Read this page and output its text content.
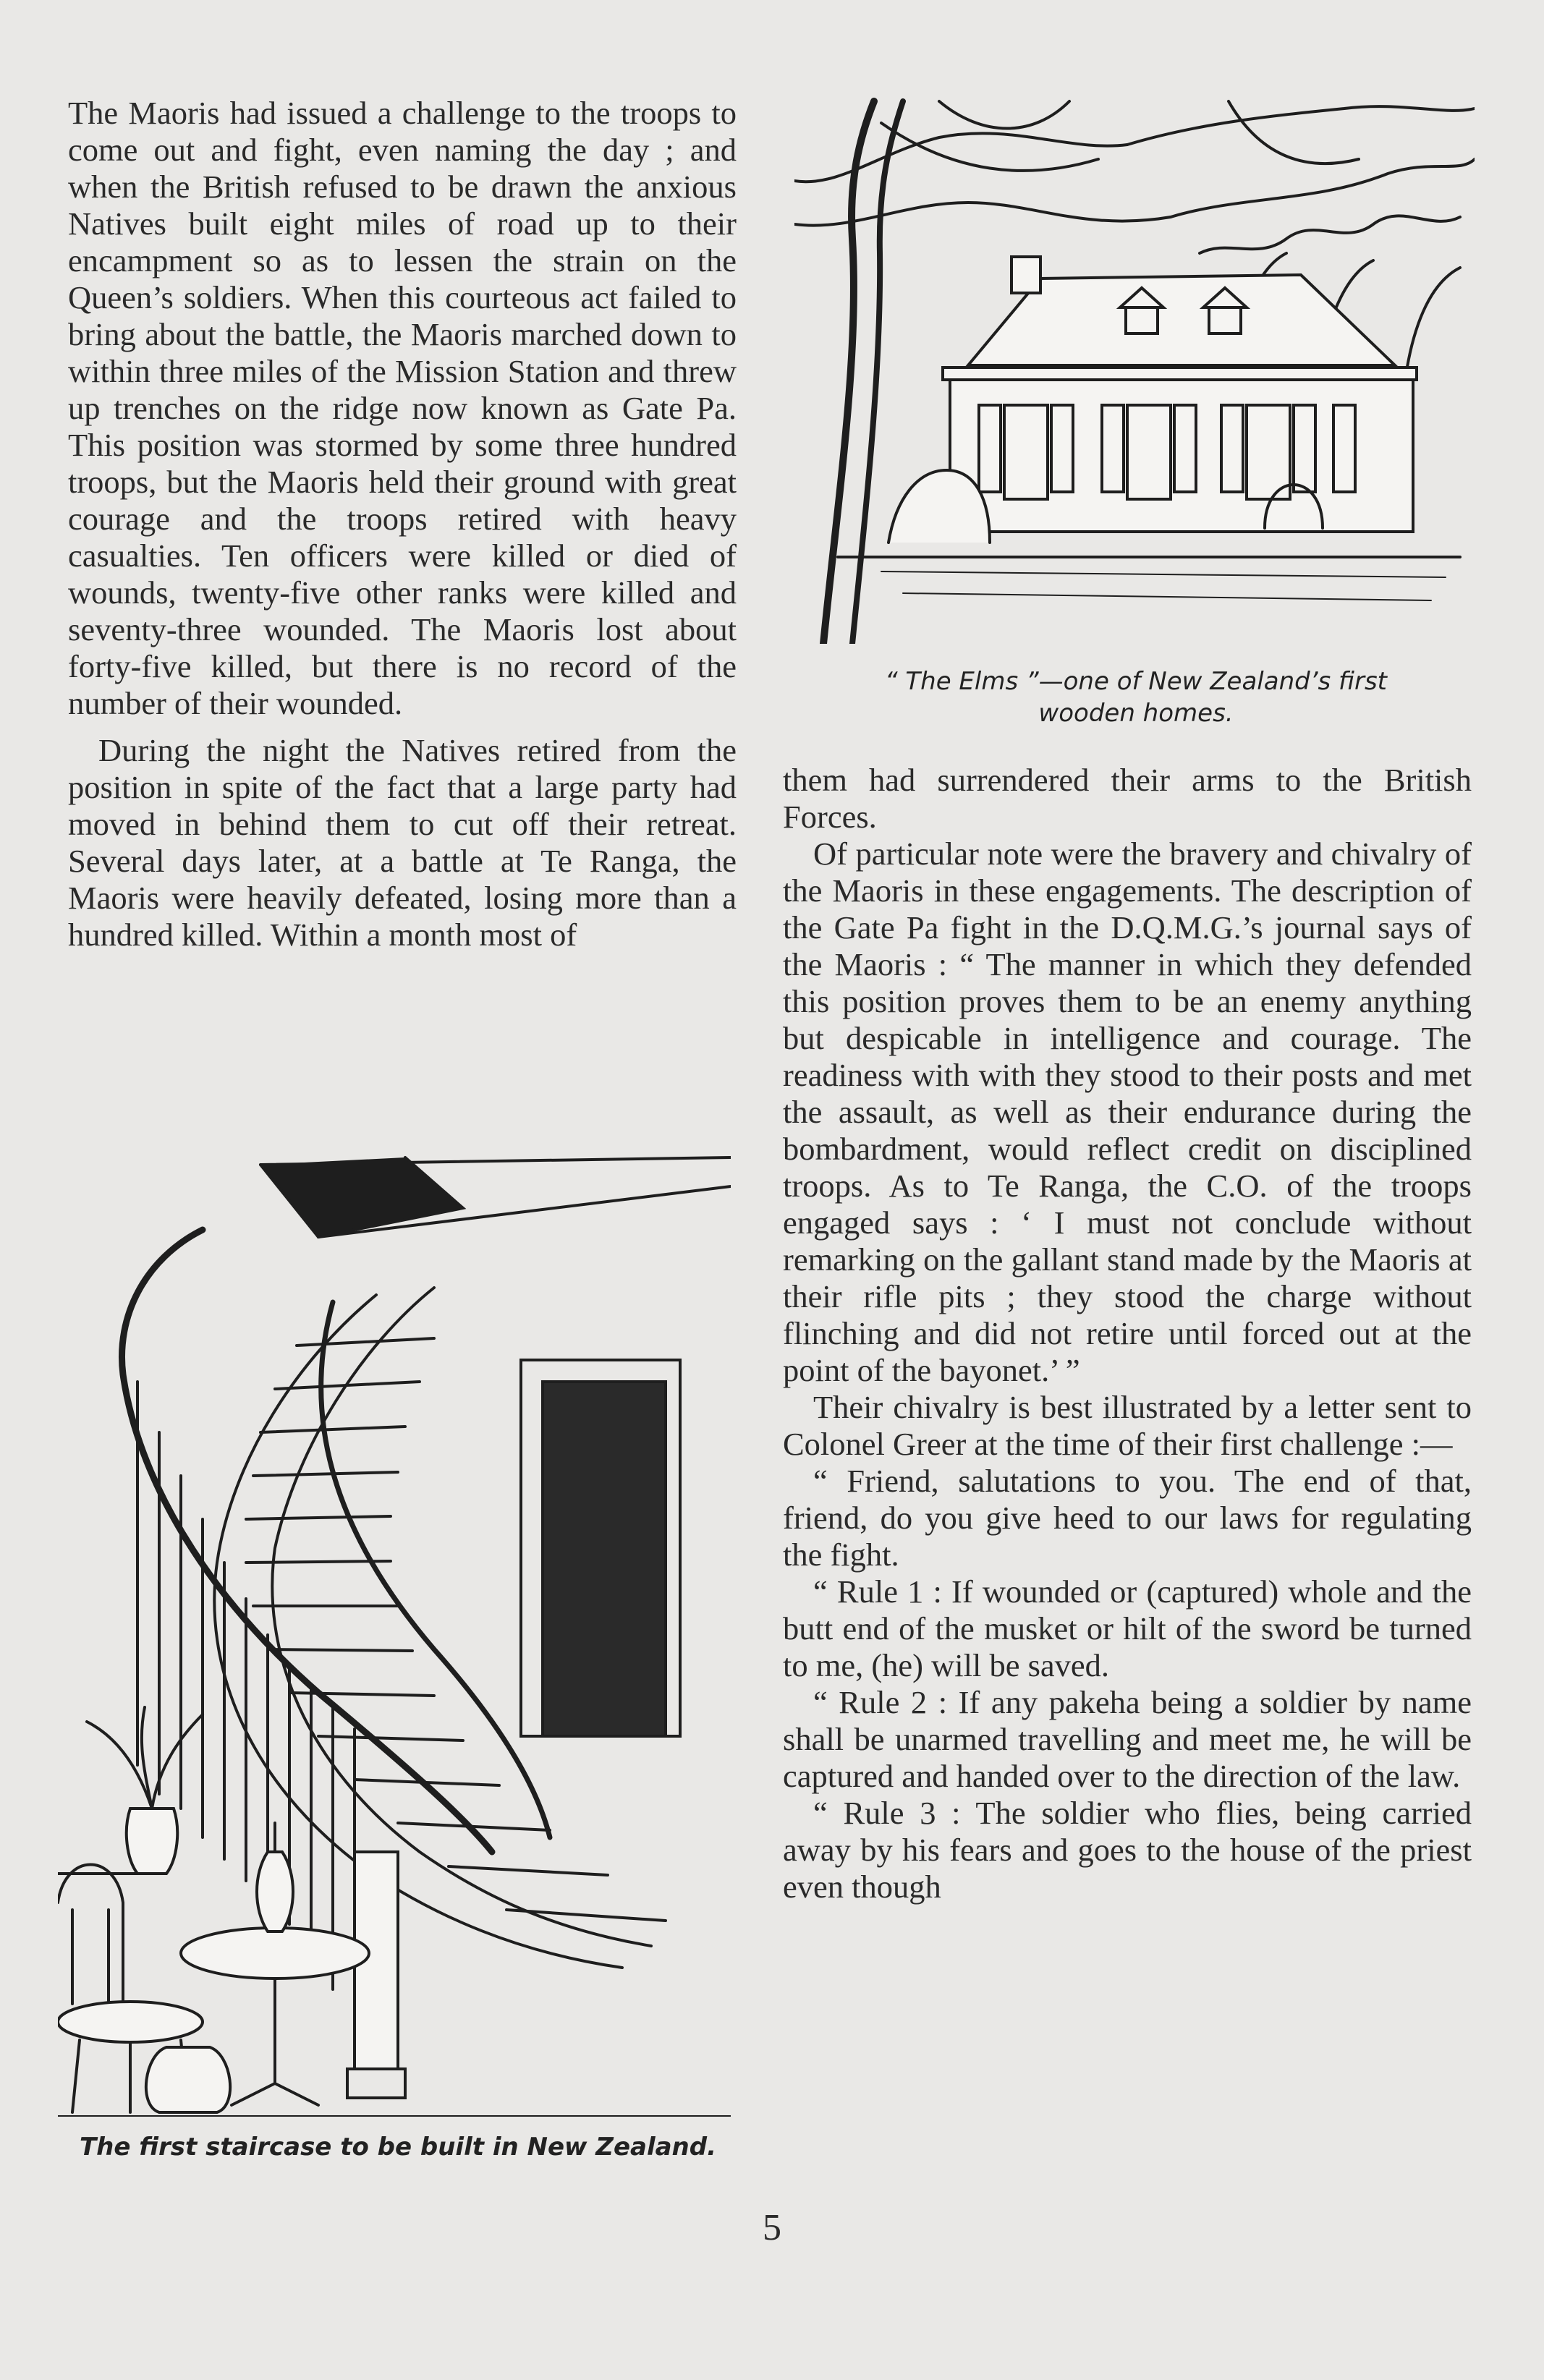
The Maoris had issued a challenge to the troops to come out and fight, even naming the day ; and when the British refused to be drawn the anxious Natives built eight miles of road up to their encampment so as to lessen the strain on the Queen’s soldiers. When this courteous act failed to bring about the battle, the Maoris marched down to within three miles of the Mission Station and threw up trenches on the ridge now known as Gate Pa. This position was stormed by some three hundred troops, but the Maoris held their ground with great courage and the troops retired with heavy casualties. Ten officers were killed or died of wounds, twenty-five other ranks were killed and seventy-three wounded. The Maoris lost about forty-five killed, but there is no record of the number of their wounded.

During the night the Natives retired from the position in spite of the fact that a large party had moved in behind them to cut off their retreat. Several days later, at a battle at Te Ranga, the Maoris were heavily defeated, losing more than a hundred killed. Within a month most of

“ The Elms ”—one of New Zealand’s first
wooden homes.

them had surrendered their arms to the British Forces.

Of particular note were the bravery and chivalry of the Maoris in these engagements. The description of the Gate Pa fight in the D.Q.M.G.’s journal says of the Maoris : “ The manner in which they defended this position proves them to be an enemy anything but despicable in intelligence and courage. The readiness with with they stood to their posts and met the assault, as well as their endurance during the bombardment, would reflect credit on disciplined troops. As to Te Ranga, the C.O. of the troops engaged says : ‘ I must not conclude without remarking on the gallant stand made by the Maoris at their rifle pits ; they stood the charge without flinching and did not retire until forced out at the point of the bayonet.’ ”

Their chivalry is best illustrated by a letter sent to Colonel Greer at the time of their first challenge :—

“ Friend, salutations to you. The end of that, friend, do you give heed to our laws for regulating the fight.

“ Rule 1 : If wounded or (captured) whole and the butt end of the musket or hilt of the sword be turned to me, (he) will be saved.

“ Rule 2 : If any pakeha being a soldier by name shall be unarmed travelling and meet me, he will be captured and handed over to the direction of the law.

“ Rule 3 : The soldier who flies, being carried away by his fears and goes to the house of the priest even though

The first staircase to be built in New Zealand.
5
